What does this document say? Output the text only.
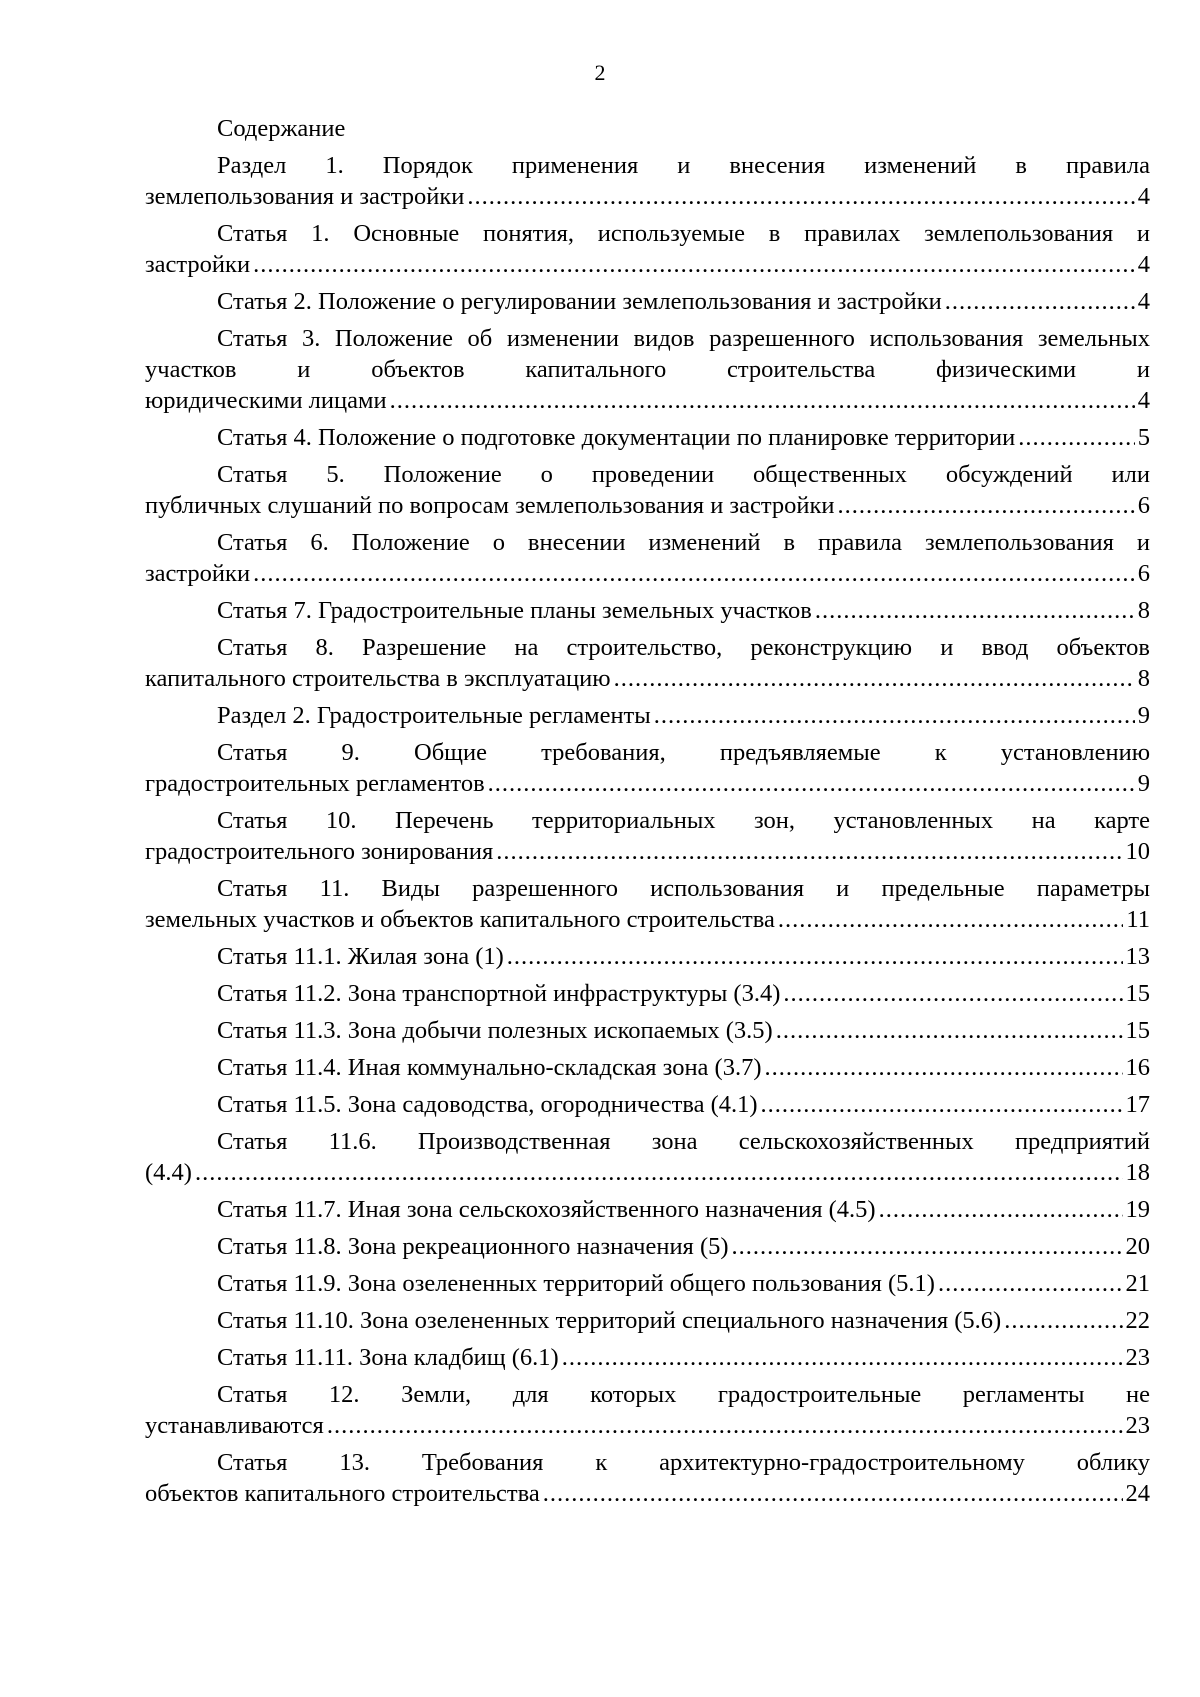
2
Содержание
Раздел 1. Порядок применения и внесения изменений в правила
землепользования и застройки .....	4
Статья 1. Основные понятия, используемые в правилах землепользования и
застройки .....	4
Статья 2. Положение о регулировании землепользования и застройки .....	4
Статья 3. Положение об изменении видов разрешенного использования земельных участков и объектов капитального строительства физическими и
юридическими лицами .....	4
Статья 4. Положение о подготовке документации по планировке территории .....	5
Статья 5. Положение о проведении общественных обсуждений или
публичных слушаний по вопросам землепользования и застройки .....	6
Статья 6. Положение о внесении изменений в правила землепользования и
застройки .....	6
Статья 7. Градостроительные планы земельных участков .....	8
Статья 8. Разрешение на строительство, реконструкцию и ввод объектов
капитального строительства в эксплуатацию .....	8
Раздел 2. Градостроительные регламенты .....	9
Статья 9. Общие требования, предъявляемые к установлению
градостроительных регламентов .....	9
Статья 10. Перечень территориальных зон, установленных на карте
градостроительного зонирования .....	10
Статья 11. Виды разрешенного использования и предельные параметры
земельных участков и объектов капитального строительства .....	11
Статья 11.1. Жилая зона (1) .....	13
Статья 11.2. Зона транспортной инфраструктуры (3.4) .....	15
Статья 11.3. Зона добычи полезных ископаемых (3.5) .....	15
Статья 11.4. Иная коммунально-складская зона (3.7) .....	16
Статья 11.5. Зона садоводства, огородничества (4.1) .....	17
Статья 11.6. Производственная зона сельскохозяйственных предприятий
(4.4) .....	18
Статья 11.7. Иная зона сельскохозяйственного назначения (4.5) .....	19
Статья 11.8. Зона рекреационного назначения (5) .....	20
Статья 11.9. Зона озелененных территорий общего пользования (5.1) .....	21
Статья 11.10. Зона озелененных территорий специального назначения (5.6) .....	22
Статья 11.11. Зона кладбищ (6.1) .....	23
Статья 12. Земли, для которых градостроительные регламенты не
устанавливаются .....	23
Статья 13. Требования к архитектурно-градостроительному облику
объектов капитального строительства .....	24
